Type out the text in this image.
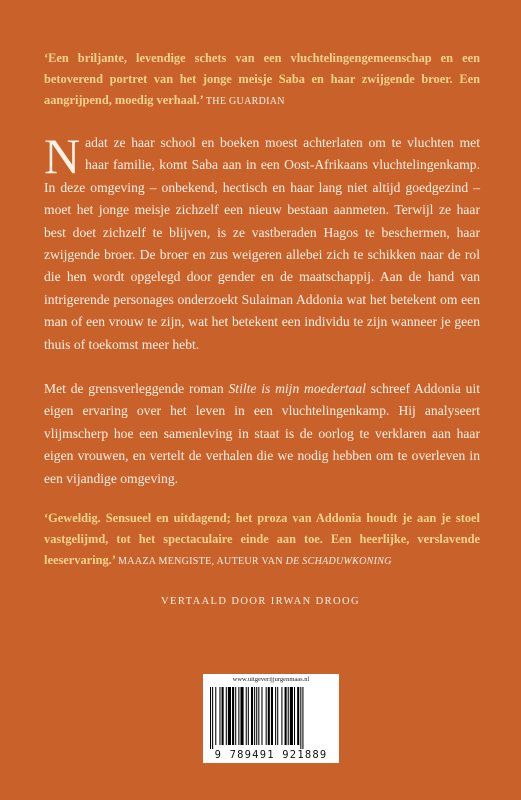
‘Een briljante, levendige schets van een vluchtelingengemeenschap en een betoverend portret van het jonge meisje Saba en haar zwijgende broer. Een aangrijpend, moedig verhaal.’ THE GUARDIAN

Nadat ze haar school en boeken moest achterlaten om te vluchten met haar familie, komt Saba aan in een Oost-Afrikaans vluchtelingenkamp. In deze omgeving – onbekend, hectisch en haar lang niet altijd goedgezind – moet het jonge meisje zichzelf een nieuw bestaan aanmeten. Terwijl ze haar best doet zichzelf te blijven, is ze vastberaden Hagos te beschermen, haar zwijgende broer. De broer en zus weigeren allebei zich te schikken naar de rol die hen wordt opgelegd door gender en de maatschappij. Aan de hand van intrigerende personages onderzoekt Sulaiman Addonia wat het betekent om een man of een vrouw te zijn, wat het betekent een individu te zijn wanneer je geen thuis of toekomst meer hebt.

Met de grensverleggende roman Stilte is mijn moedertaal schreef Addonia uit eigen ervaring over het leven in een vluchtelingenkamp. Hij analyseert vlijmscherp hoe een samenleving in staat is de oorlog te verklaren aan haar eigen vrouwen, en vertelt de verhalen die we nodig hebben om te overleven in een vijandige omgeving.

‘Geweldig. Sensueel en uitdagend; het proza van Addonia houdt je aan je stoel vastgelijmd, tot het spectaculaire einde aan toe. Een heerlijke, verslavende leeservaring.’ MAAZA MENGISTE, AUTEUR VAN DE SCHADUWKONING
VERTAALD DOOR IRWAN DROOG
www.uitgeverijjurgenmaas.nl
9 789491 921889
